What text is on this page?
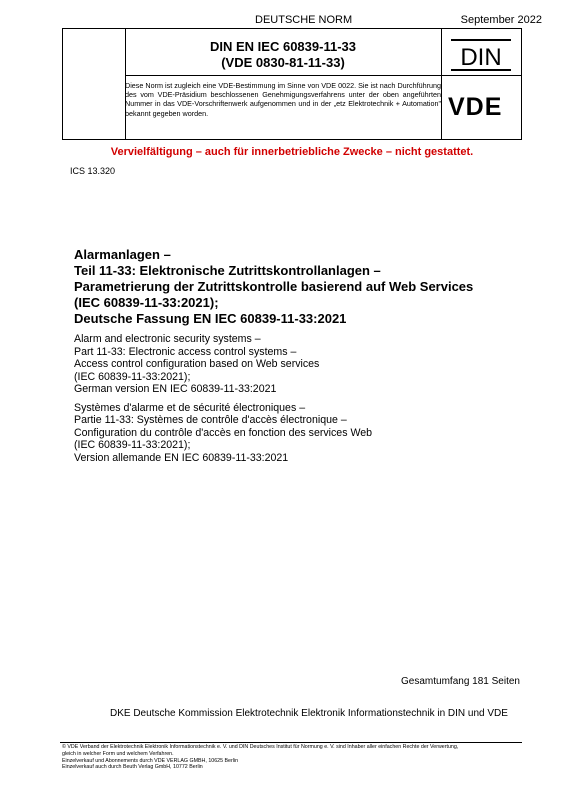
DEUTSCHE NORM	September 2022
DIN EN IEC 60839-11-33
(VDE 0830-81-11-33)
Diese Norm ist zugleich eine VDE-Bestimmung im Sinne von VDE 0022. Sie ist nach Durchführung des vom VDE-Präsidium beschlossenen Genehmigungsverfahrens unter der oben angeführten Nummer in das VDE-Vorschriftenwerk aufgenommen und in der „etz Elektrotechnik + Automation" bekannt gegeben worden.
DIN
VDE
Vervielfältigung – auch für innerbetriebliche Zwecke – nicht gestattet.
ICS 13.320
Alarmanlagen –
Teil 11-33: Elektronische Zutrittskontrollanlagen –
Parametrierung der Zutrittskontrolle basierend auf Web Services
(IEC 60839-11-33:2021);
Deutsche Fassung EN IEC 60839-11-33:2021
Alarm and electronic security systems –
Part 11-33: Electronic access control systems –
Access control configuration based on Web services
(IEC 60839-11-33:2021);
German version EN IEC 60839-11-33:2021
Systèmes d'alarme et de sécurité électroniques –
Partie 11-33: Systèmes de contrôle d'accès électronique –
Configuration du contrôle d'accès en fonction des services Web
(IEC 60839-11-33:2021);
Version allemande EN IEC 60839-11-33:2021
Gesamtumfang 181 Seiten
DKE Deutsche Kommission Elektrotechnik Elektronik Informationstechnik in DIN und VDE
© VDE Verband der Elektrotechnik Elektronik Informationstechnik e. V. und DIN Deutsches Institut für Normung e. V. sind Inhaber aller einfachen Rechte der Verwertung,
gleich in welcher Form und welchem Verfahren.
Einzelverkauf und Abonnements durch VDE VERLAG GMBH, 10625 Berlin
Einzelverkauf auch durch Beuth Verlag GmbH, 10772 Berlin
